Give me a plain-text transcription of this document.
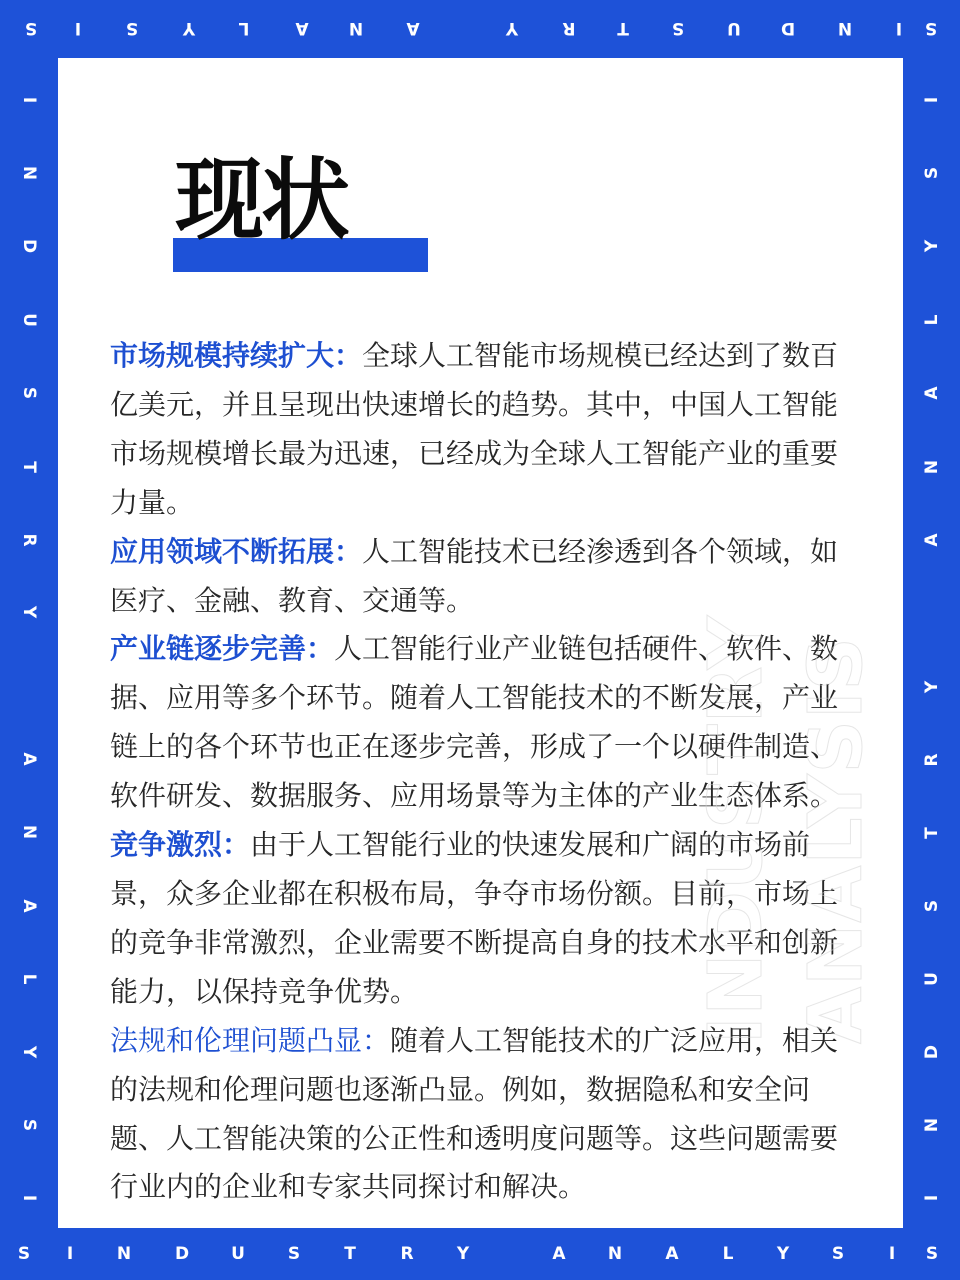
S	I	S	Y	L	A	N	A	Y	R	T	S	U D	N	I	S
S	I	N	D U	S	T	R	Y	A	N	A	L	Y	S	I	S
I
N
D
U
S
T
R
Y
A
N
A
L
Y
S
I
I
S
Y
L
A
N
A
Y
R
T
S
U
D
N
I
现状

市场规模持续扩大：全球人工智能市场规模已经达到了数百亿美元，并且呈现出快速增长的趋势。其中，中国人工智能市场规模增长最为迅速，已经成为全球人工智能产业的重要力量。

应用领域不断拓展：人工智能技术已经渗透到各个领域，如医疗、金融、教育、交通等。

产业链逐步完善：人工智能行业产业链包括硬件、软件、数据、应用等多个环节。随着人工智能技术的不断发展，产业链上的各个环节也正在逐步完善，形成了一个以硬件制造、软件研发、数据服务、应用场景等为主体的产业生态体系。

竞争激烈：由于人工智能行业的快速发展和广阔的市场前景，众多企业都在积极布局，争夺市场份额。目前，市场上的竞争非常激烈，企业需要不断提高自身的技术水平和创新能力，以保持竞争优势。

法规和伦理问题凸显：随着人工智能技术的广泛应用，相关的法规和伦理问题也逐渐凸显。例如，数据隐私和安全问题、人工智能决策的公正性和透明度问题等。这些问题需要行业内的企业和专家共同探讨和解决。

INDUSTRY ANALYSIS
